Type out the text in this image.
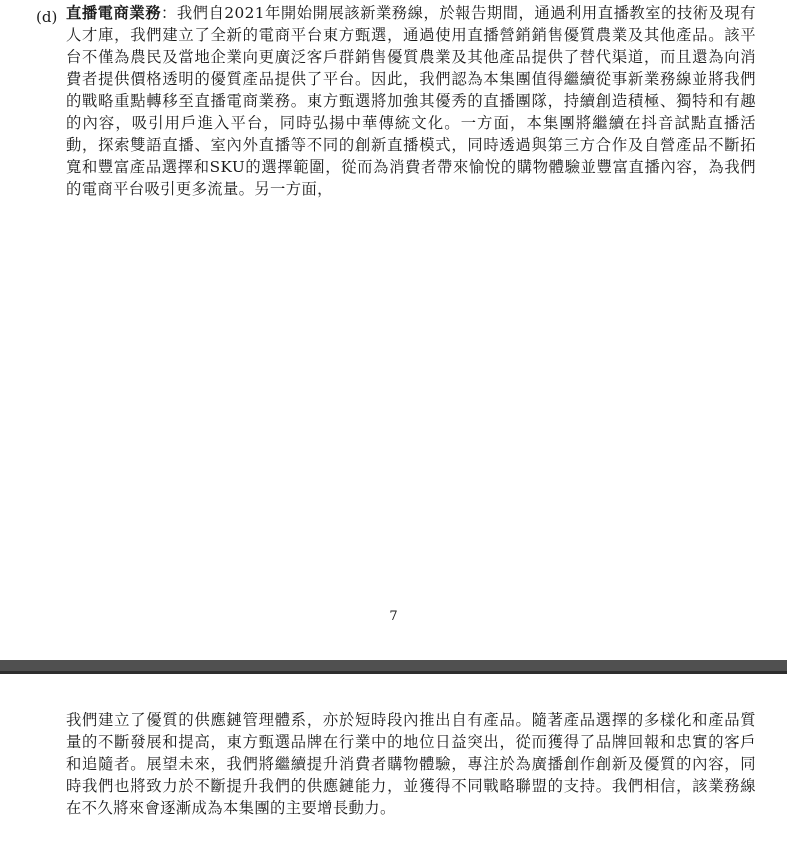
(d) 直播電商業務：我們自2021年開始開展該新業務線，於報告期間，通過利用直播教室的技術及現有人才庫，我們建立了全新的電商平台東方甄選，通過使用直播營銷銷售優質農業及其他產品。該平台不僅為農民及當地企業向更廣泛客戶群銷售優質農業及其他產品提供了替代渠道，而且還為向消費者提供價格透明的優質產品提供了平台。因此，我們認為本集團值得繼續從事新業務線並將我們的戰略重點轉移至直播電商業務。東方甄選將加強其優秀的直播團隊，持續創造積極、獨特和有趣的內容，吸引用戶進入平台，同時弘揚中華傳統文化。一方面，本集團將繼續在抖音試點直播活動，探索雙語直播、室內外直播等不同的創新直播模式，同時透過與第三方合作及自營產品不斷拓寬和豐富產品選擇和SKU的選擇範圍，從而為消費者帶來愉悅的購物體驗並豐富直播內容，為我們的電商平台吸引更多流量。另一方面，
7
我們建立了優質的供應鏈管理體系，亦於短時段內推出自有產品。隨著產品選擇的多樣化和產品質量的不斷發展和提高，東方甄選品牌在行業中的地位日益突出，從而獲得了品牌回報和忠實的客戶和追隨者。展望未來，我們將繼續提升消費者購物體驗，專注於為廣播創作創新及優質的內容，同時我們也將致力於不斷提升我們的供應鏈能力，並獲得不同戰略聯盟的支持。我們相信，該業務線在不久將來會逐漸成為本集團的主要增長動力。
